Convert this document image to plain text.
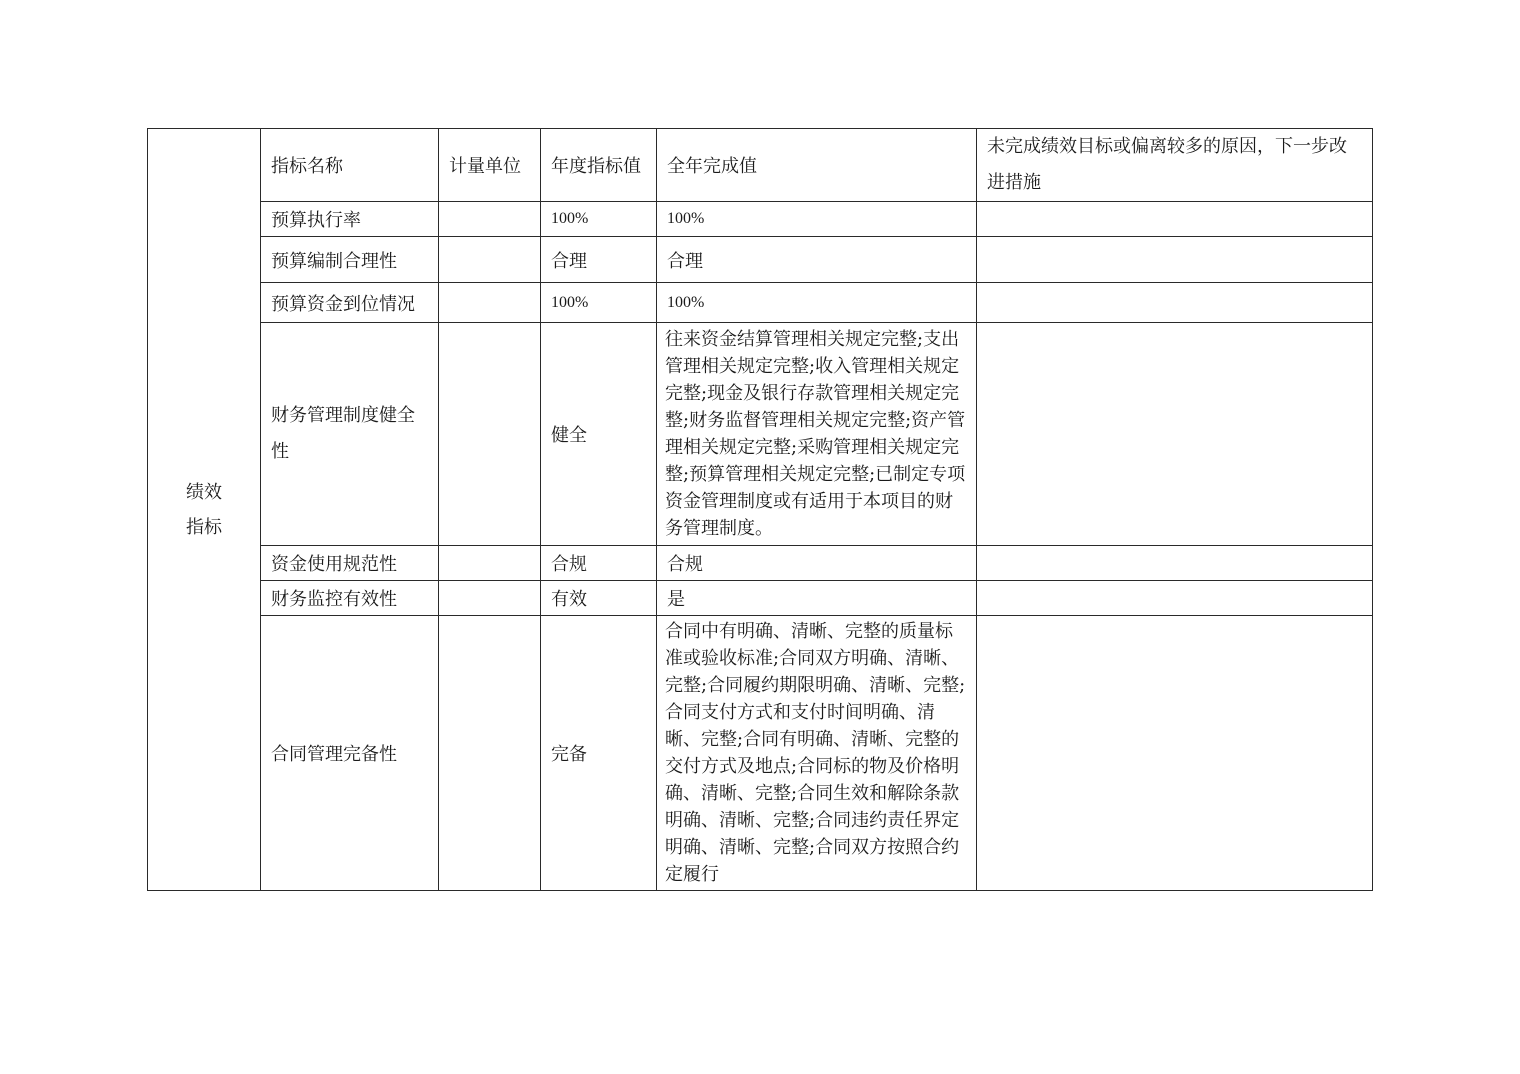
绩效指标	指标名称	计量单位	年度指标值	全年完成值	未完成绩效目标或偏离较多的原因，下一步改进措施
	预算执行率		100%	100%	
	预算编制合理性		合理	合理	
	预算资金到位情况		100%	100%	
	财务管理制度健全性		健全	往来资金结算管理相关规定完整;支出管理相关规定完整;收入管理相关规定完整;现金及银行存款管理相关规定完整;财务监督管理相关规定完整;资产管理相关规定完整;采购管理相关规定完整;预算管理相关规定完整;已制定专项资金管理制度或有适用于本项目的财务管理制度。	
	资金使用规范性		合规	合规	
	财务监控有效性		有效	是	
	合同管理完备性		完备	合同中有明确、清晰、完整的质量标准或验收标准;合同双方明确、清晰、完整;合同履约期限明确、清晰、完整;合同支付方式和支付时间明确、清晰、完整;合同有明确、清晰、完整的交付方式及地点;合同标的物及价格明确、清晰、完整;合同生效和解除条款明确、清晰、完整;合同违约责任界定明确、清晰、完整;合同双方按照合约定履行	
